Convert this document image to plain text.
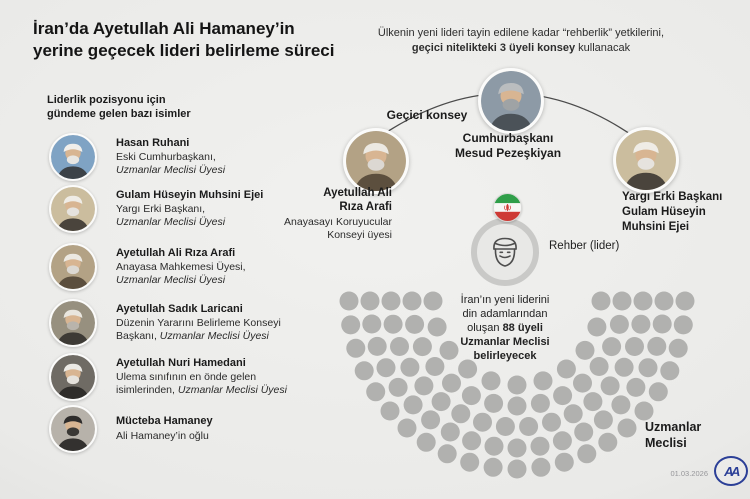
İran’da Ayetullah Ali Hamaney’in
yerine geçecek lideri belirleme süreci
Ülkenin yeni lideri tayin edilene kadar “rehberlik” yetkilerini,
geçici nitelikteki 3 üyeli konsey kullanacak
Liderlik pozisyonu için
gündeme gelen bazı isimler
Hasan Ruhani
Eski Cumhurbaşkanı,
Uzmanlar Meclisi Üyesi
Gulam Hüseyin Muhsini Ejei
Yargı Erki Başkanı,
Uzmanlar Meclisi Üyesi
Ayetullah Ali Rıza Arafi
Anayasa Mahkemesi Üyesi,
Uzmanlar Meclisi Üyesi
Ayetullah Sadık Laricani
Düzenin Yararını Belirleme Konseyi
Başkanı, Uzmanlar Meclisi Üyesi
Ayetullah Nuri Hamedani
Ulema sınıfının en önde gelen
isimlerinden, Uzmanlar Meclisi Üyesi
Mücteba Hamaney
Ali Hamaney’in oğlu
Geçici konsey
Cumhurbaşkanı
Mesud Pezeşkiyan
Ayetullah Ali
Rıza Arafi
Anayasayı Koruyucular
Konseyi üyesi
Yargı Erki Başkanı
Gulam Hüseyin
Muhsini Ejei
Rehber (lider)
İran’ın yeni liderini
din adamlarından
oluşan 88 üyeli
Uzmanlar Meclisi
belirleyecek
Uzmanlar
Meclisi
01.03.2026	AA
